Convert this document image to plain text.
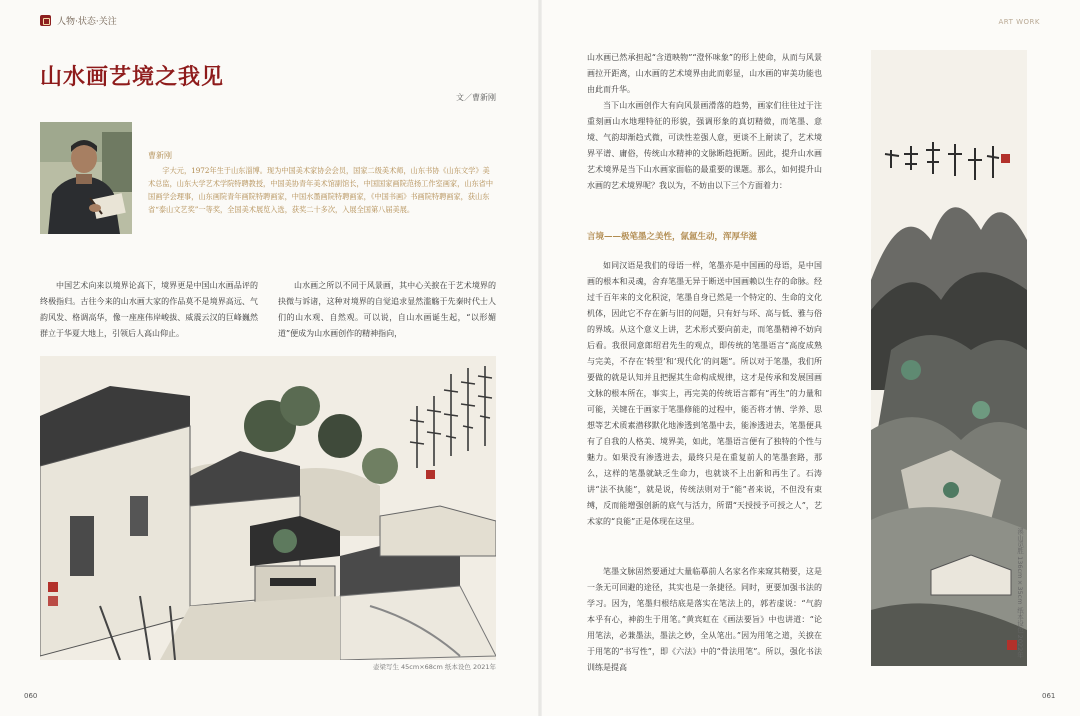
人物·状态·关注	ART WORK
山水画艺境之我见
文／曹新刚
曹新刚

字大元，1972年生于山东淄博。现为中国美术家协会会员，国家二级美术师，山东书协《山东文学》美术总监，山东大学艺术学院特聘教授，中国美协青年美术馆副馆长，中国国家画院范扬工作室画家，山东省中国画学会理事，山东画院青年画院特聘画家，中国水墨画院特聘画家，《中国书画》书画院特聘画家，获山东省“泰山文艺奖”一等奖，全国美术展览入选，获奖二十多次，入展全国第八届美展。

中国艺术向来以境界论高下，境界更是中国山水画品评的终极指归。古往今来的山水画大家的作品莫不是境界高远、气韵风发、格调高华，像一座座伟岸峻拔、威震云汉的巨峰巍然群立于华夏大地上，引领后人高山仰止。

山水画之所以不同于风景画，其中心关捩在于艺术境界的抉微与诉诸，这种对境界的自觉追求显然滥觞于先秦时代士人们的山水观、自然观。可以说，自山水画诞生起，“以形媚道”便成为山水画创作的精神指向，

壶梁写生 45cm×68cm 纸本设色 2021年

山水画已然承担起“含道映物”“澄怀味象”的形上使命，从而与风景画拉开距离，山水画的艺术境界由此而彰显，山水画的审美功能也由此而升华。

当下山水画创作大有向风景画滑落的趋势，画家们往往过于注重刻画山水地理特征的形貌，强调形象的真切精微，而笔墨、意境、气韵却渐趋式微，可读性差强人意，更谈不上耐读了，艺术境界平谱、庸俗，传统山水精神的文脉断趋扼断。因此，提升山水画艺术境界是当下山水画家面临的最重要的课题。那么，如何提升山水画的艺术境界呢？我以为，不妨由以下三个方面着力：

言境——极笔墨之美性，氤氲生动，浑厚华滋

如同汉语是我们的母语一样，笔墨亦是中国画的母语，是中国画的根本和灵魂，舍弃笔墨无异于断送中国画赖以生存的命脉。经过千百年来的文化积淀，笔墨自身已然是一个特定的、生命的文化机体，因此它不存在新与旧的问题，只有好与坏、高与低、雅与俗的界域。从这个意义上讲，艺术形式要向前走，而笔墨精神不妨向后看。我很同意郎绍君先生的观点，即传统的笔墨语言“高度成熟与完美，不存在‘转型’和‘现代化’的问题”。所以对于笔墨，我们所要做的就是认知并且把握其生命构成规律，这才是传承和发展国画文脉的根本所在，事实上，再完美的传统语言都有“再生”的力量和可能，关键在于画家于笔墨修能的过程中，能否将才情、学养、思想等艺术质素潜移默化地渗透到笔墨中去，能渗透进去，笔墨便具有了自我的人格美、境界美，如此，笔墨语言便有了独特的个性与魅力。如果没有渗透进去，最终只是在重复前人的笔墨套路，那么，这样的笔墨就缺乏生命力，也就谈不上出新和再生了。石涛讲“法不执能”，就是说，传统法则对于“能”者来说，不但没有束缚，反而能增强创新的底气与活力，所谓“天授授予可授之人”，艺术家的“良能”正是体现在这里。

笔墨文脉固然要通过大量临摹前人名家名作来窥其精要，这是一条无可回避的途径，其实也是一条捷径。同时，更要加强书法的学习。因为，笔墨归根结底是落实在笔法上的，郭若虚说：“气韵本乎有心，神韵生于用笔。”黄宾虹在《画法要旨》中也讲道：“论用笔法，必兼墨法，墨法之妙，全从笔出。”因为用笔之道，关捩在于用笔的“书写性”，即《六法》中的“骨法用笔”。所以，强化书法训练是提高

溪山觅胜 136cm×35cm 纸本设色 2022年
060	061
